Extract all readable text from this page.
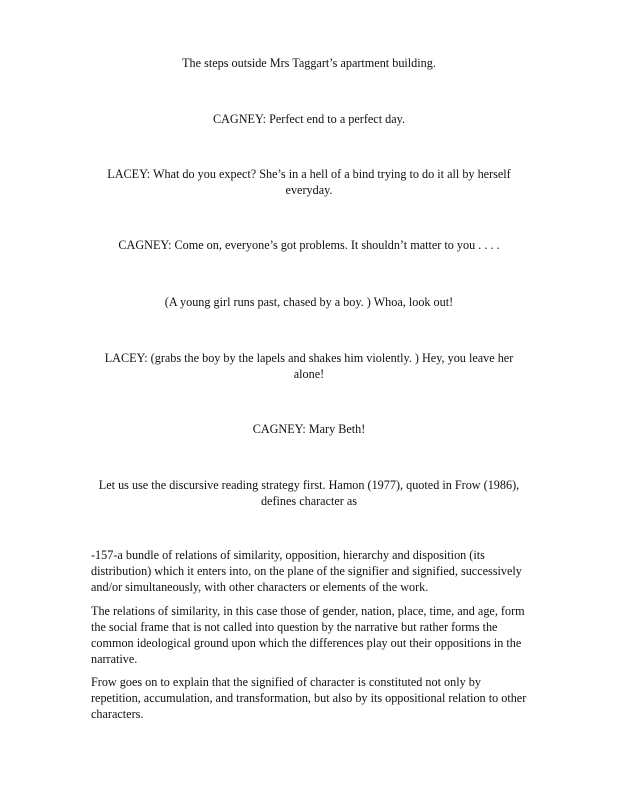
The steps outside Mrs Taggart’s apartment building.

CAGNEY: Perfect end to a perfect day.

LACEY: What do you expect? She’s in a hell of a bind trying to do it all by herself everyday.

CAGNEY: Come on, everyone’s got problems. It shouldn’t matter to you . . . .

(A young girl runs past, chased by a boy. ) Whoa, look out!

LACEY: (grabs the boy by the lapels and shakes him violently. ) Hey, you leave her alone!

CAGNEY: Mary Beth!

Let us use the discursive reading strategy first. Hamon (1977), quoted in Frow (1986), defines character as

-157-a bundle of relations of similarity, opposition, hierarchy and disposition (its distribution) which it enters into, on the plane of the signifier and signified, successively and/or simultaneously, with other characters or elements of the work.

The relations of similarity, in this case those of gender, nation, place, time, and age, form the social frame that is not called into question by the narrative but rather forms the common ideological ground upon which the differences play out their oppositions in the narrative.

Frow goes on to explain that the signified of character is constituted not only by repetition, accumulation, and transformation, but also by its oppositional relation to other characters.
